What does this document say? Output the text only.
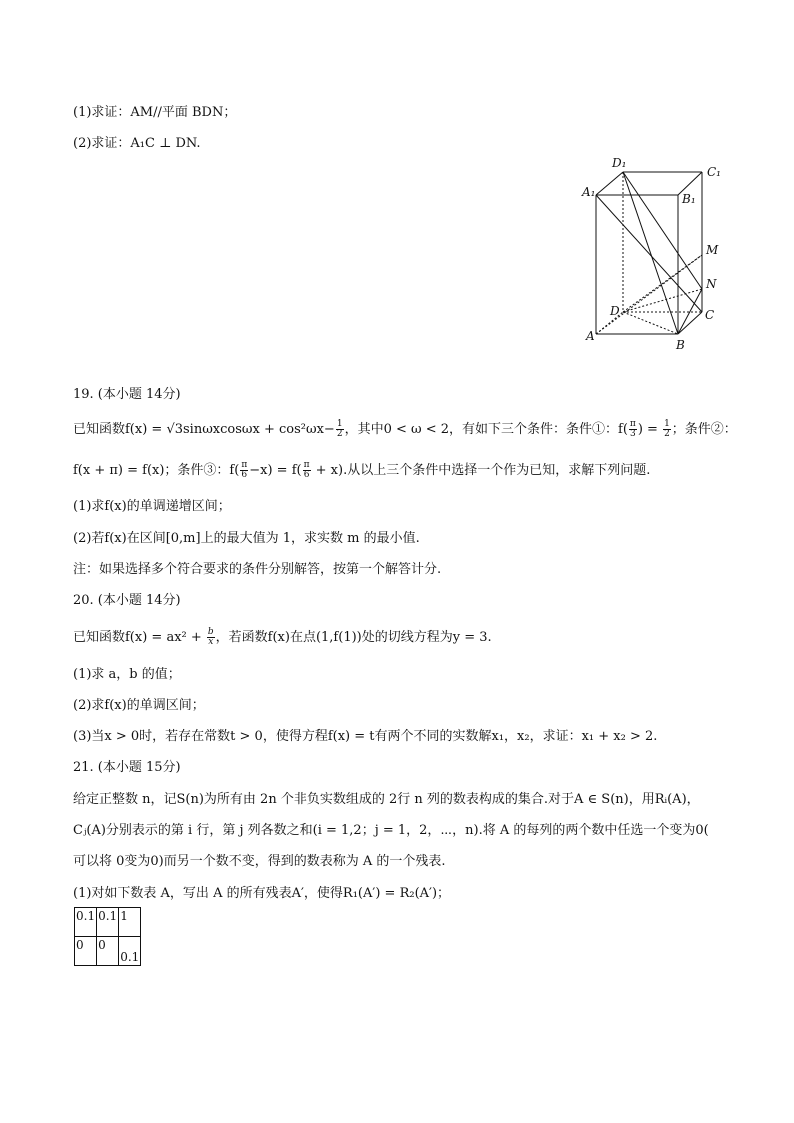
(1)求证：AM//平面 BDN；
(2)求证：A₁C ⊥ DN.
D₁
C₁
A₁	B₁
M
N
D	C
A
B
19. (本小题 14分)
已知函数$f(x) = √3\sin\omega xcos\omega x + \cos^2\omega x- \frac{1}{2}$ ，其中0 < ω < 2，有如下三个条件：条件①：$f( \frac{\pi}{3}$ ) = $\frac{1}{2}$ ；条件②：
f(x + π) = f(x)；条件③：$f( \frac{\pi}{6} -x) = f( \frac{\pi}{6} + x)$.从以上三个条件中选择一个作为已知，求解下列问题.
(1)求f(x)的单调递增区间；
(2)若f(x)在区间[0,m]上的最大值为 1，求实数 m 的最小值.
注：如果选择多个符合要求的条件分别解答，按第一个解答计分.
20. (本小题 14分)
已知函数$f(x) = ax^2 + \frac{b}{x}$ ，若函数f(x)在点(1,f(1))处的切线方程为y = 3.
(1)求 a，b 的值；
(2)求f(x)的单调区间；
(3)当x > 0时，若存在常数t > 0，使得方程f(x) = t有两个不同的实数解x₁，x₂，求证：x₁ + x₂ > 2.
21. (本小题 15分)
给定正整数 n，记S(n)为所有由 2n 个非负实数组成的 2行 n 列的数表构成的集合.对于A ∈ S(n)，用Rᵢ(A)，
Cⱼ(A)分别表示的第 i 行，第 j 列各数之和(i = 1,2；j = 1，2，⋯，n).将 A 的每列的两个数中任选一个变为0(
可以将 0变为0)而另一个数不变，得到的数表称为 A 的一个残表.
(1)对如下数表 A，写出 A 的所有残表A′，使得R₁(A′) = R₂(A′)；
0.1	0.1	1
0	0	0.1
